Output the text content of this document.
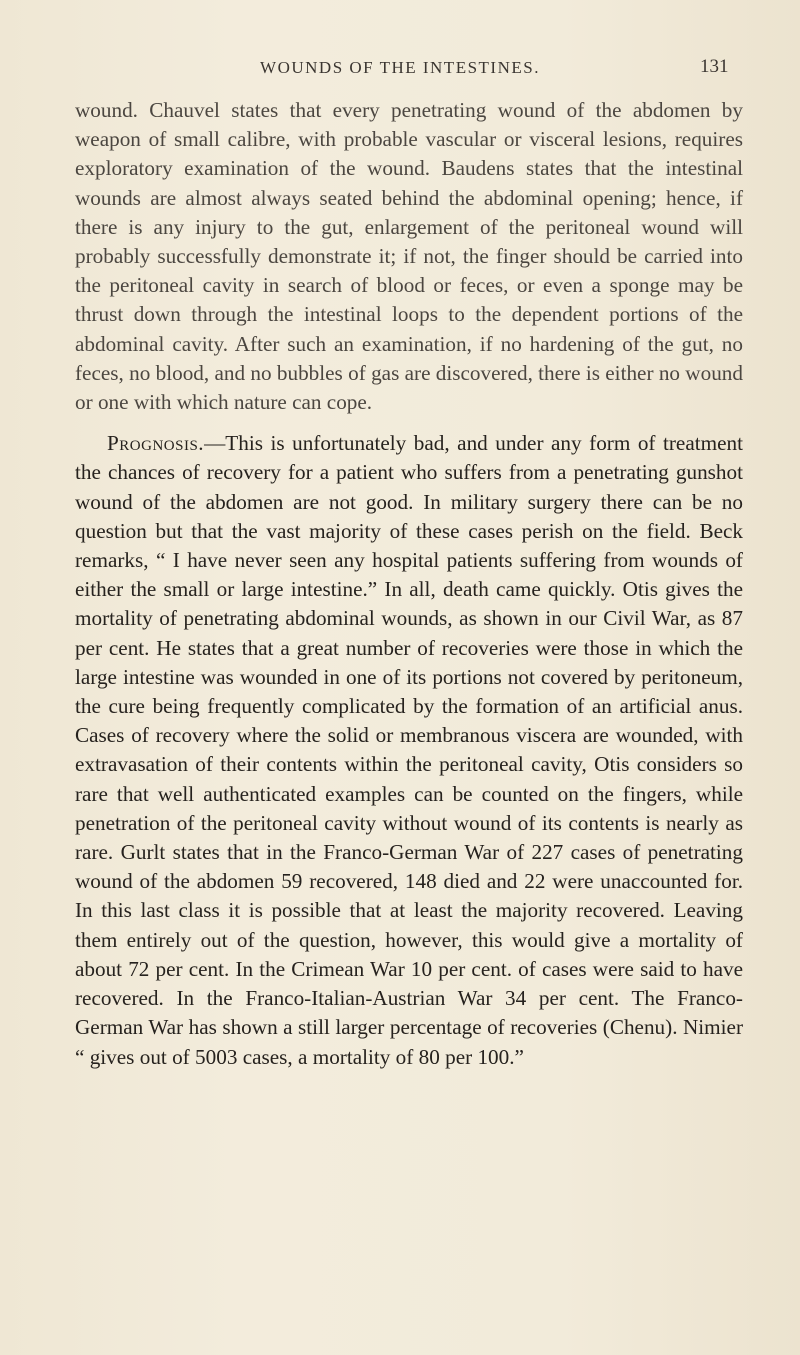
WOUNDS OF THE INTESTINES.	131

wound. Chauvel states that every penetrating wound of the abdomen by weapon of small calibre, with probable vascular or visceral lesions, requires exploratory examination of the wound. Baudens states that the intestinal wounds are almost always seated behind the abdominal opening; hence, if there is any injury to the gut, enlargement of the peritoneal wound will probably successfully demonstrate it; if not, the finger should be carried into the peritoneal cavity in search of blood or feces, or even a sponge may be thrust down through the intestinal loops to the dependent portions of the abdominal cavity. After such an examination, if no hardening of the gut, no feces, no blood, and no bubbles of gas are discovered, there is either no wound or one with which nature can cope.

Prognosis.—This is unfortunately bad, and under any form of treatment the chances of recovery for a patient who suffers from a penetrating gunshot wound of the abdomen are not good. In military surgery there can be no question but that the vast majority of these cases perish on the field. Beck remarks, “ I have never seen any hospital patients suffering from wounds of either the small or large intestine.” In all, death came quickly. Otis gives the mortality of penetrating abdominal wounds, as shown in our Civil War, as 87 per cent. He states that a great number of recoveries were those in which the large intestine was wounded in one of its portions not covered by peritoneum, the cure being frequently complicated by the formation of an artificial anus. Cases of recovery where the solid or membranous viscera are wounded, with extravasation of their contents within the peritoneal cavity, Otis considers so rare that well authenticated examples can be counted on the fingers, while penetration of the peritoneal cavity without wound of its contents is nearly as rare. Gurlt states that in the Franco-German War of 227 cases of penetrating wound of the abdomen 59 recovered, 148 died and 22 were unaccounted for. In this last class it is possible that at least the majority recovered. Leaving them entirely out of the question, however, this would give a mortality of about 72 per cent. In the Crimean War 10 per cent. of cases were said to have recovered. In the Franco-Italian-Austrian War 34 per cent. The Franco-German War has shown a still larger percentage of recoveries (Chenu). Nimier “ gives out of 5003 cases, a mortality of 80 per 100.”
